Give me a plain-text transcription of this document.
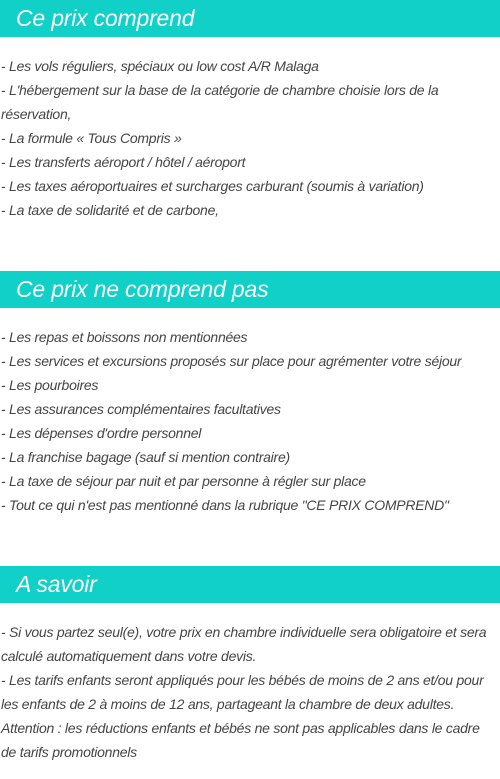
Ce prix comprend

- Les vols réguliers, spéciaux ou low cost A/R Malaga

- L'hébergement sur la base de la catégorie de chambre choisie lors de la réservation,

- La formule « Tous Compris »

- Les transferts aéroport / hôtel / aéroport

- Les taxes aéroportuaires et surcharges carburant (soumis à variation)

- La taxe de solidarité et de carbone,

Ce prix ne comprend pas

- Les repas et boissons non mentionnées

- Les services et excursions proposés sur place pour agrémenter votre séjour

- Les pourboires

- Les assurances complémentaires facultatives

- Les dépenses d'ordre personnel

- La franchise bagage (sauf si mention contraire)

- La taxe de séjour par nuit et par personne à régler sur place

- Tout ce qui n'est pas mentionné dans la rubrique "CE PRIX COMPREND"

A savoir

- Si vous partez seul(e), votre prix en chambre individuelle sera obligatoire et sera calculé automatiquement dans votre devis.

- Les tarifs enfants seront appliqués pour les bébés de moins de 2 ans et/ou pour les enfants de 2 à moins de 12 ans, partageant la chambre de deux adultes.

Attention : les réductions enfants et bébés ne sont pas applicables dans le cadre de tarifs promotionnels
